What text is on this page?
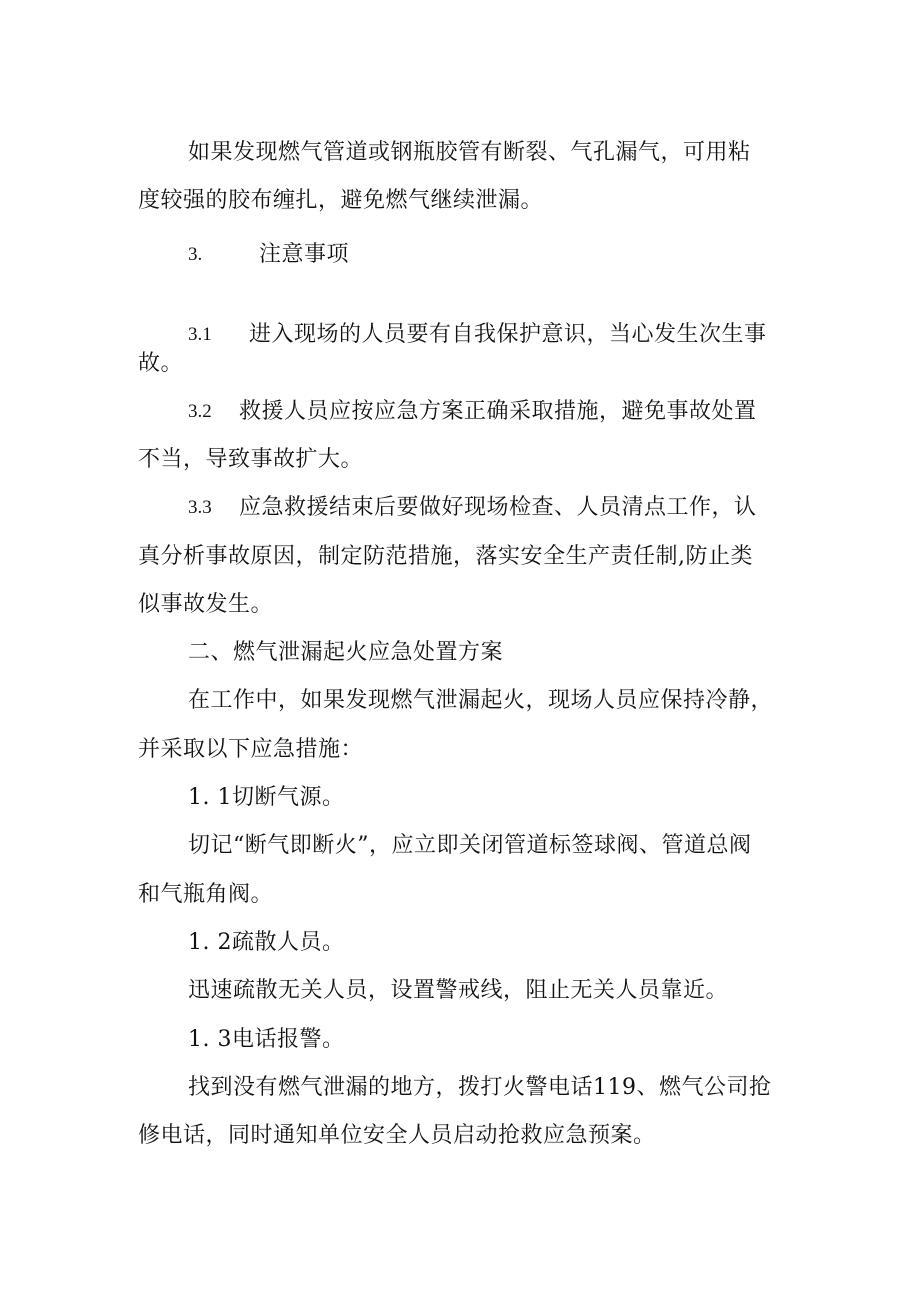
如果发现燃气管道或钢瓶胶管有断裂、气孔漏气，可用粘
度较强的胶布缠扎，避免燃气继续泄漏。
3.	注意事项
3.1 进入现场的人员要有自我保护意识，当心发生次生事
故。
3.2 救援人员应按应急方案正确采取措施，避免事故处置
不当，导致事故扩大。
3.3 应急救援结束后要做好现场检查、人员清点工作，认
真分析事故原因，制定防范措施，落实安全生产责任制,防止类
似事故发生。
二、燃气泄漏起火应急处置方案
在工作中，如果发现燃气泄漏起火，现场人员应保持冷静，
并采取以下应急措施：
1. 1切断气源。
切记“断气即断火”，应立即关闭管道标签球阀、管道总阀
和气瓶角阀。
1. 2疏散人员。
迅速疏散无关人员，设置警戒线，阻止无关人员靠近。
1. 3电话报警。
找到没有燃气泄漏的地方，拨打火警电话119、燃气公司抢
修电话，同时通知单位安全人员启动抢救应急预案。
